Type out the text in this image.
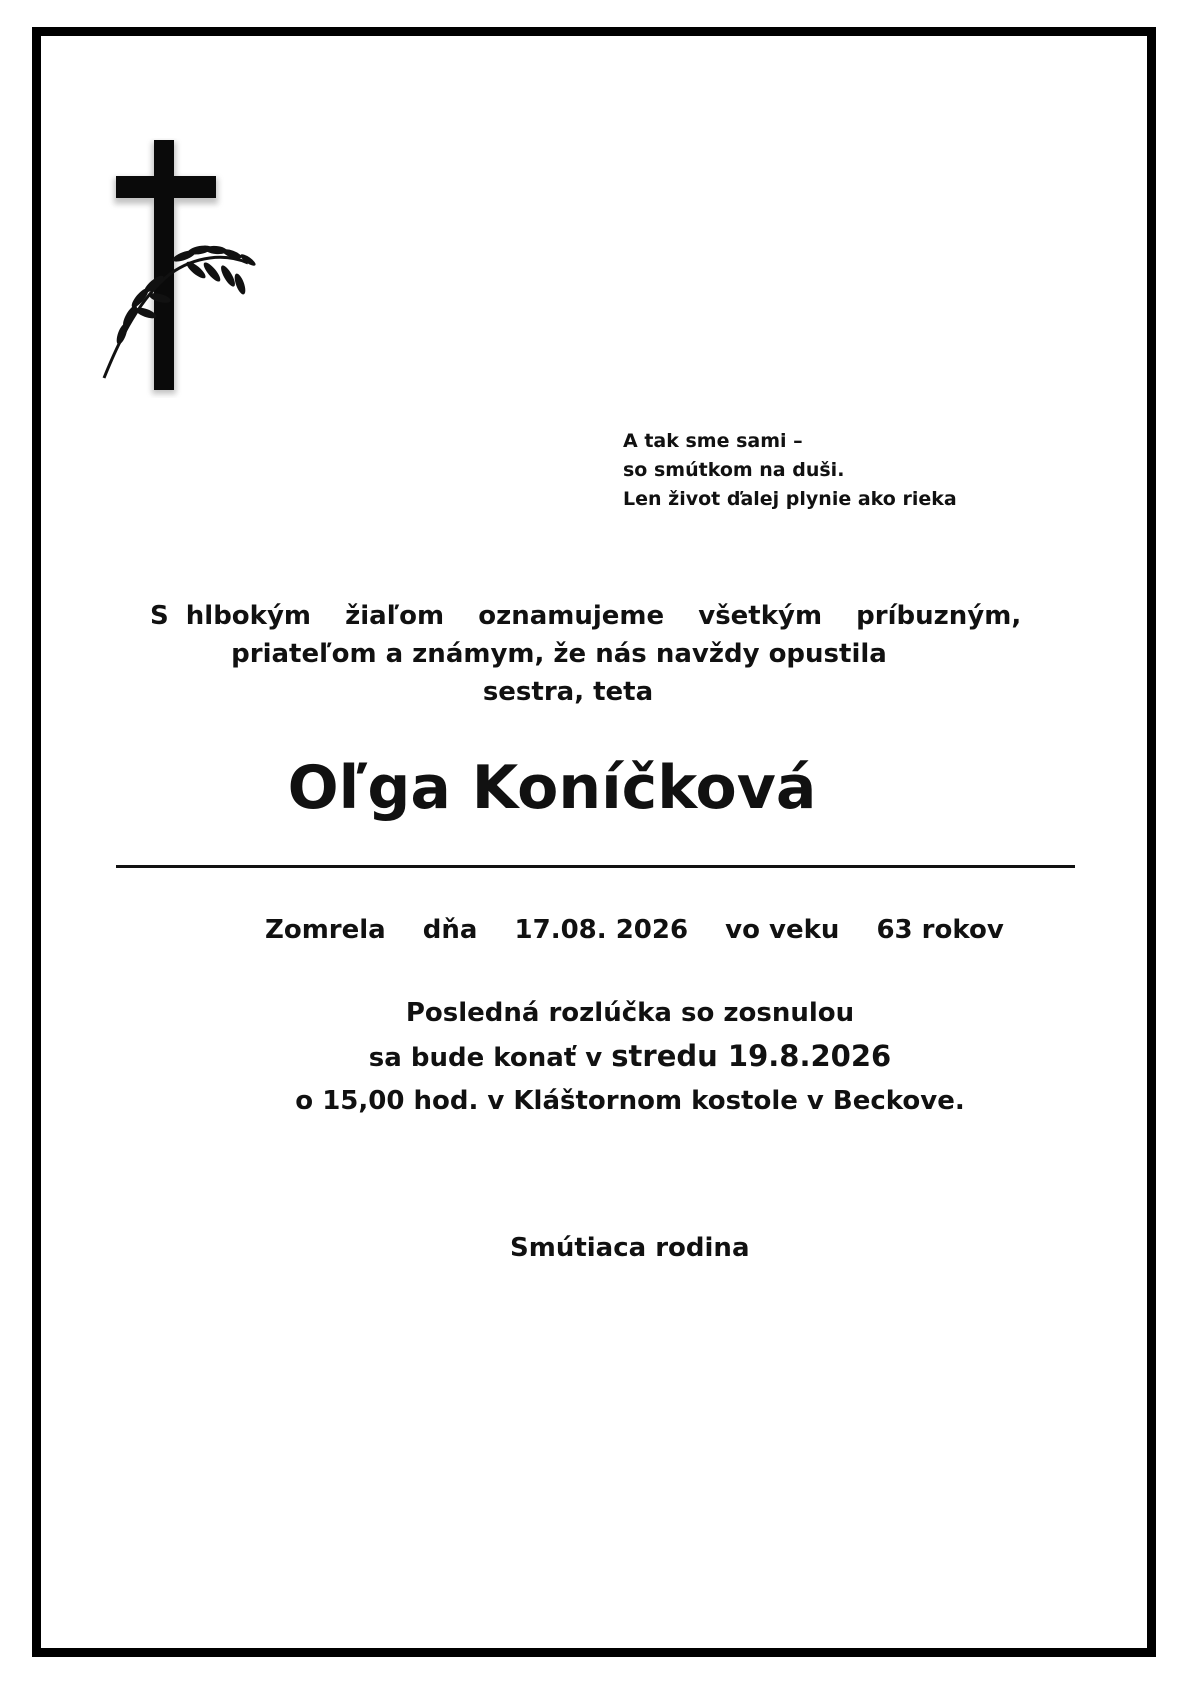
A tak sme sami –
so smútkom na duši.
Len život ďalej plynie ako rieka
S hlbokým  žiaľom  oznamujeme  všetkým  príbuzným,
priateľom a známym, že nás navždy opustila
sestra, teta
Oľga Koníčková
Zomrela dňa 17.08. 2026 vo veku 63 rokov
Posledná rozlúčka so zosnulou
sa bude konať v stredu 19.8.2026
o 15,00 hod. v Kláštornom kostole v Beckove.
Smútiaca rodina
